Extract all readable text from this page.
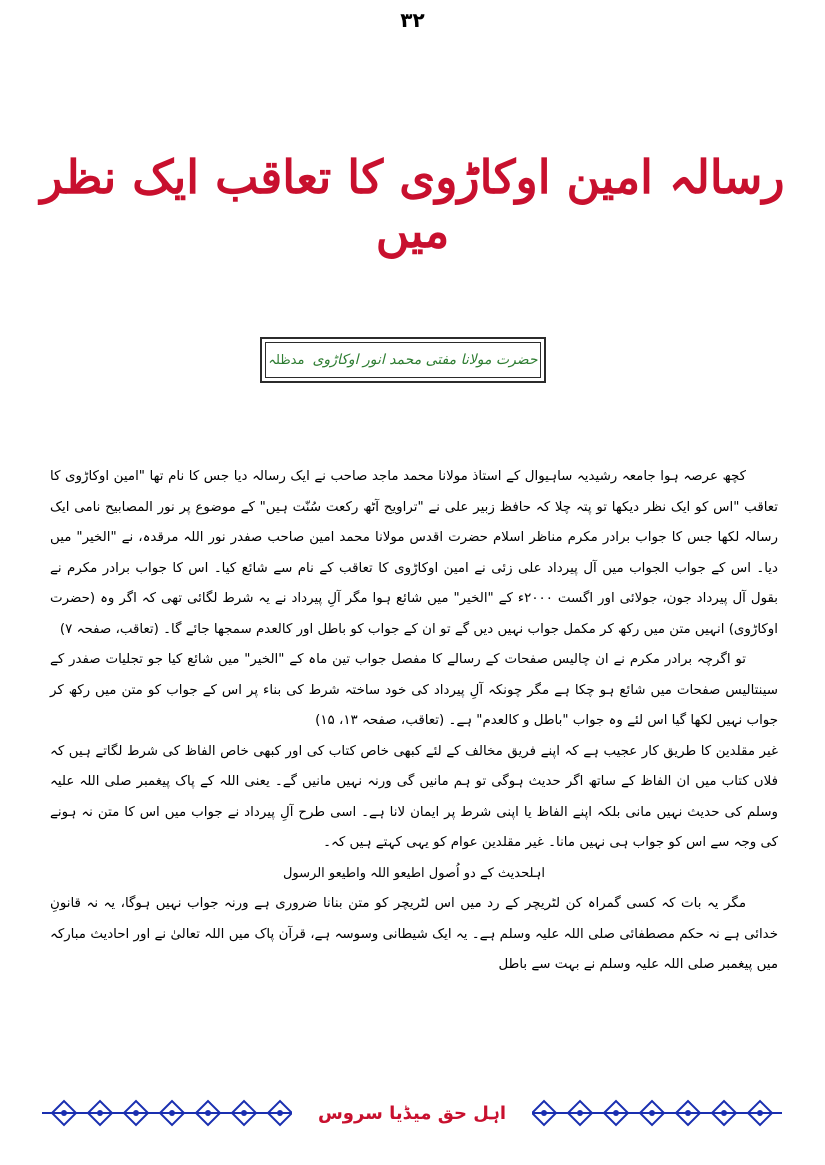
۳۲
رسالہ امین اوکاڑوی کا تعاقب ایک نظر میں
حضرت مولانا مفتی محمد انور اوکاڑوی
مدظلہ

کچھ عرصہ ہوا جامعہ رشیدیہ ساہیوال کے استاذ مولانا محمد ماجد صاحب نے ایک رسالہ دیا جس کا نام تھا "امین اوکاڑوی کا تعاقب "اس کو ایک نظر دیکھا تو پتہ چلا کہ حافظ زبیر علی نے "تراویح آٹھ رکعت سُنّت ہیں" کے موضوع پر نور المصابیح نامی ایک رسالہ لکھا جس کا جواب برادر مکرم مناظر اسلام حضرت اقدس مولانا محمد امین صاحب صفدر نور اللہ مرقدہ، نے "الخیر" میں دیا۔ اس کے جواب الجواب میں آل پیرداد علی زئی نے امین اوکاڑوی کا تعاقب کے نام سے شائع کیا۔ اس کا جواب برادر مکرم نے بقول آل پیرداد جون، جولائی اور اگست ۲۰۰۰ء کے "الخیر" میں شائع ہوا مگر آلِ پیرداد نے یہ شرط لگائی تھی کہ اگر وہ (حضرت اوکاڑوی) انہیں متن میں رکھ کر مکمل جواب نہیں دیں گے تو ان کے جواب کو باطل اور کالعدم سمجھا جائے گا۔ (تعاقب، صفحہ ۷)

تو اگرچہ برادر مکرم نے ان چالیس صفحات کے رسالے کا مفصل جواب تین ماہ کے "الخیر" میں شائع کیا جو تجلیات صفدر کے سینتالیس صفحات میں شائع ہو چکا ہے مگر چونکہ آلِ پیرداد کی خود ساختہ شرط کی بناء پر اس کے جواب کو متن میں رکھ کر جواب نہیں لکھا گیا اس لئے وہ جواب "باطل و کالعدم" ہے۔ (تعاقب، صفحہ ۱۳، ۱۵)

غیر مقلدین کا طریق کار عجیب ہے کہ اپنے فریق مخالف کے لئے کبھی خاص کتاب کی اور کبھی خاص الفاظ کی شرط لگاتے ہیں کہ فلاں کتاب میں ان الفاظ کے ساتھ اگر حدیث ہوگی تو ہم مانیں گی ورنہ نہیں مانیں گے۔ یعنی اللہ کے پاک پیغمبر صلی اللہ علیہ وسلم کی حدیث نہیں مانی بلکہ اپنے الفاظ یا اپنی شرط پر ایمان لانا ہے۔ اسی طرح آلِ پیرداد نے جواب میں اس کا متن نہ ہونے کی وجہ سے اس کو جواب ہی نہیں مانا۔ غیر مقلدین عوام کو یہی کہتے ہیں کہ۔

اہلحدیث کے دو اُصول اطیعو اللہ واطیعو الرسول

مگر یہ بات کہ کسی گمراہ کن لٹریچر کے رد میں اس لٹریچر کو متن بنانا ضروری ہے ورنہ جواب نہیں ہوگا، یہ نہ قانونِ خدائی ہے نہ حکم مصطفائی صلی اللہ علیہ وسلم ہے۔ یہ ایک شیطانی وسوسہ ہے، قرآن پاک میں اللہ تعالیٰ نے اور احادیث مبارکہ میں پیغمبر صلی اللہ علیہ وسلم نے بہت سے باطل

اہل حق میڈیا سروس
